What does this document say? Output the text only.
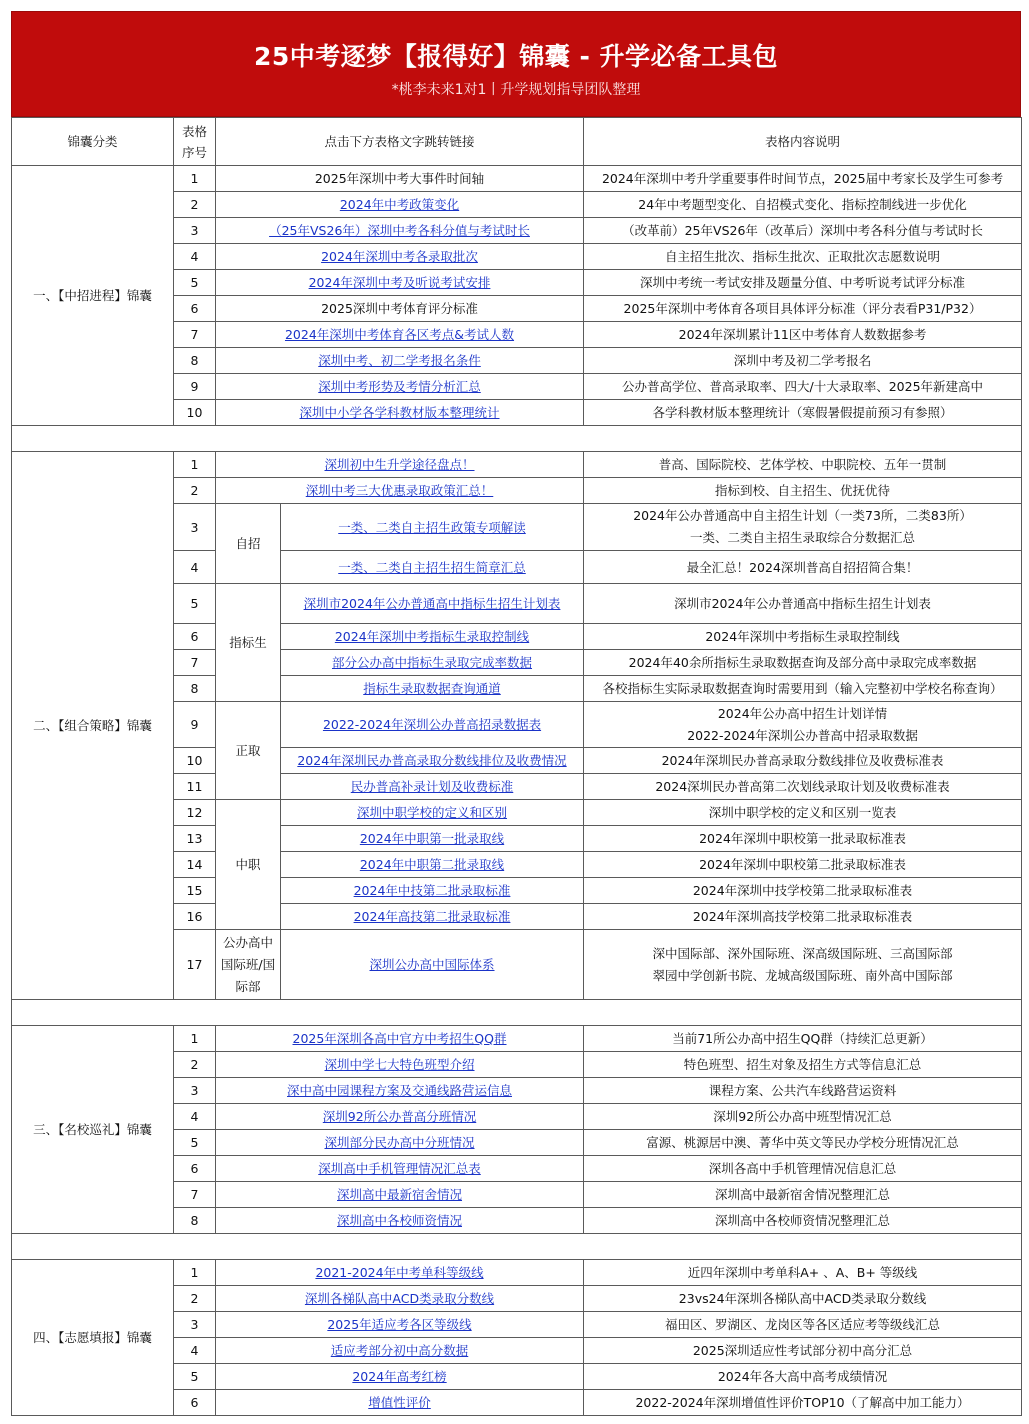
25中考逐梦【报得好】锦囊 - 升学必备工具包
*桃李未来1对1丨升学规划指导团队整理
锦囊分类	表格序号	点击下方表格文字跳转链接		表格内容说明
一、【中招进程】锦囊	1	2025年深圳中考大事件时间轴		2024年深圳中考升学重要事件时间节点，2025届中考家长及学生可参考
	2	2024年中考政策变化		24年中考题型变化、自招模式变化、指标控制线进一步优化
	3	（25年VS26年）深圳中考各科分值与考试时长		（改革前）25年VS26年（改革后）深圳中考各科分值与考试时长
	4	2024年深圳中考各录取批次		自主招生批次、指标生批次、正取批次志愿数说明
	5	2024年深圳中考及听说考试安排		深圳中考统一考试安排及题量分值、中考听说考试评分标准
	6	2025深圳中考体育评分标准		2025年深圳中考体育各项目具体评分标准（评分表看P31/P32）
	7	2024年深圳中考体育各区考点&考试人数		2024年深圳累计11区中考体育人数数据参考
	8	深圳中考、初二学考报名条件		深圳中考及初二学考报名
	9	深圳中考形势及考情分析汇总		公办普高学位、普高录取率、四大/十大录取率、2025年新建高中
	10	深圳中小学各学科教材版本整理统计		各学科教材版本整理统计（寒假暑假提前预习有参照）

二、【组合策略】锦囊	1	深圳初中生升学途径盘点！		普高、国际院校、艺体学校、中职院校、五年一贯制
	2	深圳中考三大优惠录取政策汇总！		指标到校、自主招生、优抚优待
	3	自招	一类、二类自主招生政策专项解读	2024年公办普通高中自主招生计划（一类73所，二类83所）
一类、二类自主招生录取综合分数据汇总

	4		一类、二类自主招生招生简章汇总	最全汇总！2024深圳普高自招招简合集！
	5	指标生	深圳市2024年公办普通高中指标生招生计划表	深圳市2024年公办普通高中指标生招生计划表
	6		2024年深圳中考指标生录取控制线	2024年深圳中考指标生录取控制线
	7		部分公办高中指标生录取完成率数据	2024年40余所指标生录取数据查询及部分高中录取完成率数据
	8		指标生录取数据查询通道	各校指标生实际录取数据查询时需要用到（输入完整初中学校名称查询）
	9	正取	2022-2024年深圳公办普高招录数据表	2024年公办高中招生计划详情
2022-2024年深圳公办普高中招录取数据

	10		2024年深圳民办普高录取分数线排位及收费情况	2024年深圳民办普高录取分数线排位及收费标准表
	11		民办普高补录计划及收费标准	2024深圳民办普高第二次划线录取计划及收费标准表
	12	中职	深圳中职学校的定义和区别	深圳中职学校的定义和区别一览表
	13		2024年中职第一批录取线	2024年深圳中职校第一批录取标准表
	14		2024年中职第二批录取线	2024年深圳中职校第二批录取标准表
	15		2024年中技第二批录取标准	2024年深圳中技学校第二批录取标准表
	16		2024年高技第二批录取标准	2024年深圳高技学校第二批录取标准表
	17	公办高中国际班/国际部	深圳公办高中国际体系	深中国际部、深外国际班、深高级国际班、三高国际部
翠园中学创新书院、龙城高级国际班、南外高中国际部

三、【名校巡礼】锦囊	1	2025年深圳各高中官方中考招生QQ群		当前71所公办高中招生QQ群（持续汇总更新）
	2	深圳中学七大特色班型介绍		特色班型、招生对象及招生方式等信息汇总
	3	深中高中园课程方案及交通线路营运信息		课程方案、公共汽车线路营运资料
	4	深圳92所公办普高分班情况		深圳92所公办高中班型情况汇总
	5	深圳部分民办高中分班情况		富源、桃源居中澳、菁华中英文等民办学校分班情况汇总
	6	深圳高中手机管理情况汇总表		深圳各高中手机管理情况信息汇总
	7	深圳高中最新宿舍情况		深圳高中最新宿舍情况整理汇总
	8	深圳高中各校师资情况		深圳高中各校师资情况整理汇总

四、【志愿填报】锦囊	1	2021-2024年中考单科等级线		近四年深圳中考单科A+ 、A、B+ 等级线
	2	深圳各梯队高中ACD类录取分数线		23vs24年深圳各梯队高中ACD类录取分数线
	3	2025年适应考各区等级线		福田区、罗湖区、龙岗区等各区适应考等级线汇总
	4	适应考部分初中高分数据		2025深圳适应性考试部分初中高分汇总
	5	2024年高考红榜		2024年各大高中高考成绩情况
	6	增值性评价		2022-2024年深圳增值性评价TOP10（了解高中加工能力）
